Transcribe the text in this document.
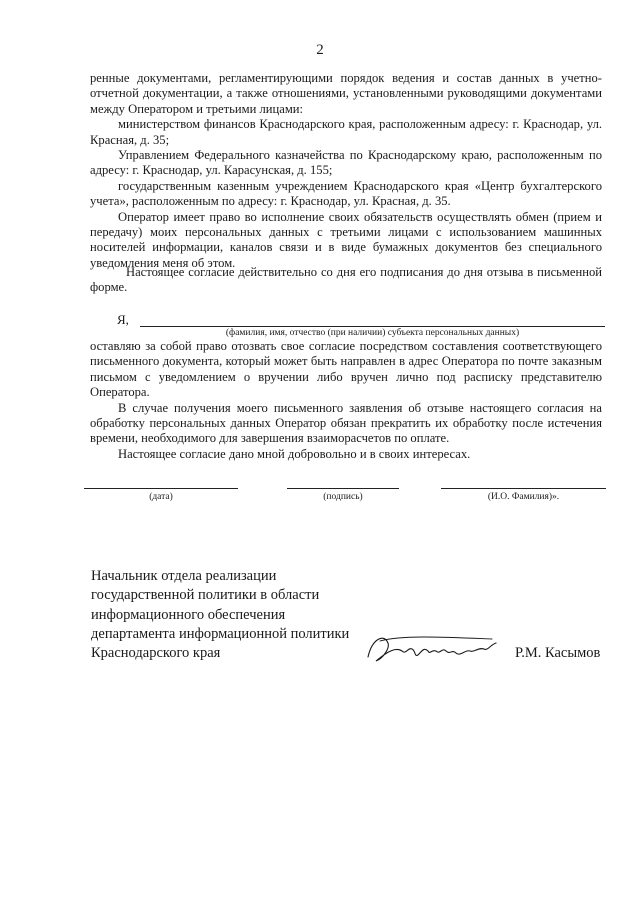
2

ренные документами, регламентирующими порядок ведения и состав данных в учетно-отчетной документации, а также отношениями, установленными руководящими документами между Оператором и третьими лицами:

министерством финансов Краснодарского края, расположенным адресу: г. Краснодар, ул. Красная, д. 35;

Управлением Федерального казначейства по Краснодарскому краю, расположенным по адресу: г. Краснодар, ул. Карасунская, д. 155;

государственным казенным учреждением Краснодарского края «Центр бухгалтерского учета», расположенным по адресу: г. Краснодар, ул. Красная, д. 35.

Оператор имеет право во исполнение своих обязательств осуществлять обмен (прием и передачу) моих персональных данных с третьими лицами с использованием машинных носителей информации, каналов связи и в виде бумажных документов без специального уведомления меня об этом.

Настоящее согласие действительно со дня его подписания до дня отзыва в письменной форме.

Я,
(фамилия, имя, отчество (при наличии) субъекта персональных данных)

оставляю за собой право отозвать свое согласие посредством составления соответствующего письменного документа, который может быть направлен в адрес Оператора по почте заказным письмом с уведомлением о вручении либо вручен лично под расписку представителю Оператора.

В случае получения моего письменного заявления об отзыве настоящего согласия на обработку персональных данных Оператор обязан прекратить их обработку после истечения времени, необходимого для завершения взаиморасчетов по оплате.

Настоящее согласие дано мной добровольно и в своих интересах.

(дата)	(подпись)	(И.О. Фамилия)».
Начальник отдела реализации
государственной политики в области
информационного обеспечения
департамента информационной политики
Краснодарского края	Р.М. Касымов
